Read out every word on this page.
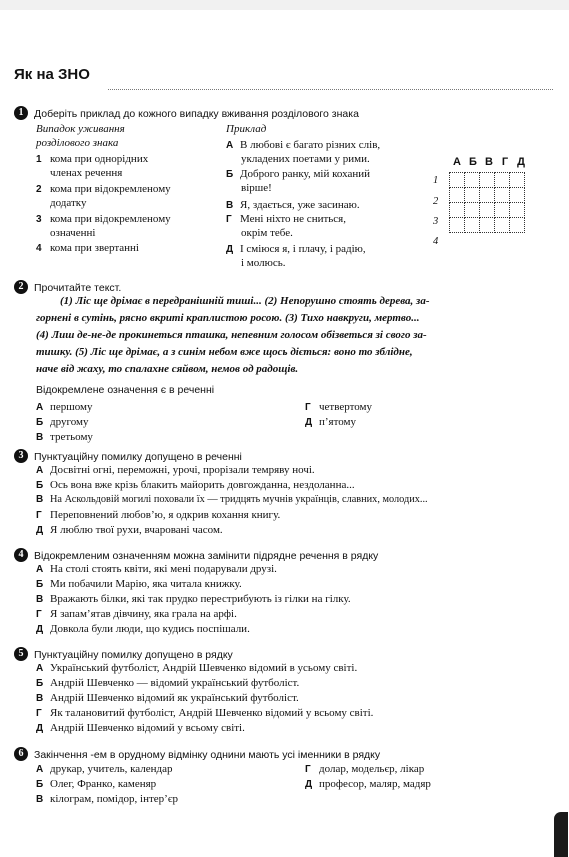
Як на ЗНО
1 Доберіть приклад до кожного випадку вживання розділового знака
Випадок уживання
розділового знака
Приклад
1 кома при однорідних
членах речення
2 кома при відокремленому
додатку
3 кома при відокремленому
означенні
4 кома при звертанні
А В любові є багато різних слів,
укладених поетами у рими.
Б Доброго ранку, мій коханий
вірше!
В Я, здається, уже засинаю.
Г Мені ніхто не сниться,
окрім тебе.
Д І сміюся я, і плачу, і радію,
і молюсь.
А Б В Г Д
1
2
3
4

2 Прочитайте текст.
(1) Ліс ще дрімає в передранішній тиші... (2) Непорушно стоять дерева, за-
горнені в сутінь, рясно вкриті краплистою росою. (3) Тихо навкруги, мертво...
(4) Лиш де-не-де прокинеться пташка, непевним голосом обізветься зі свого за-
тишку. (5) Ліс ще дрімає, а з синім небом вже щось діється: воно то зблідне,
наче від жаху, то спалахне сяйвом, немов од радощів.
Відокремлене означення є в реченні
А першому
Б другому
В третьому
Г четвертому
Д п’ятому
3 Пунктуаційну помилку допущено в реченні
А Досвітні огні, переможні, урочі, прорізали темряву ночі.
Б Ось вона вже крізь блакить майорить довгожданна, нездоланна...
В На Аскольдовій могилі поховали їх — тридцять мучнів українців, славних, молодих...
Г Переповнений любов’ю, я одкрив кохання книгу.
Д Я люблю твої рухи, вчаровані часом.
4 Відокремленим означенням можна замінити підрядне речення в рядку
А На столі стоять квіти, які мені подарували друзі.
Б Ми побачили Марію, яка читала книжку.
В Вражають білки, які так прудко перестрибують із гілки на гілку.
Г Я запам’ятав дівчину, яка грала на арфі.
Д Довкола були люди, що кудись поспішали.
5 Пунктуаційну помилку допущено в рядку
А Український футболіст, Андрій Шевченко відомий в усьому світі.
Б Андрій Шевченко — відомий український футболіст.
В Андрій Шевченко відомий як український футболіст.
Г Як талановитий футболіст, Андрій Шевченко відомий у всьому світі.
Д Андрій Шевченко відомий у всьому світі.
6 Закінчення -ем в орудному відмінку однини мають усі іменники в рядку
А друкар, учитель, календар
Б Олег, Франко, каменяр
В кілограм, помідор, інтер’єр
Г долар, модельєр, лікар
Д професор, маляр, мадяр
